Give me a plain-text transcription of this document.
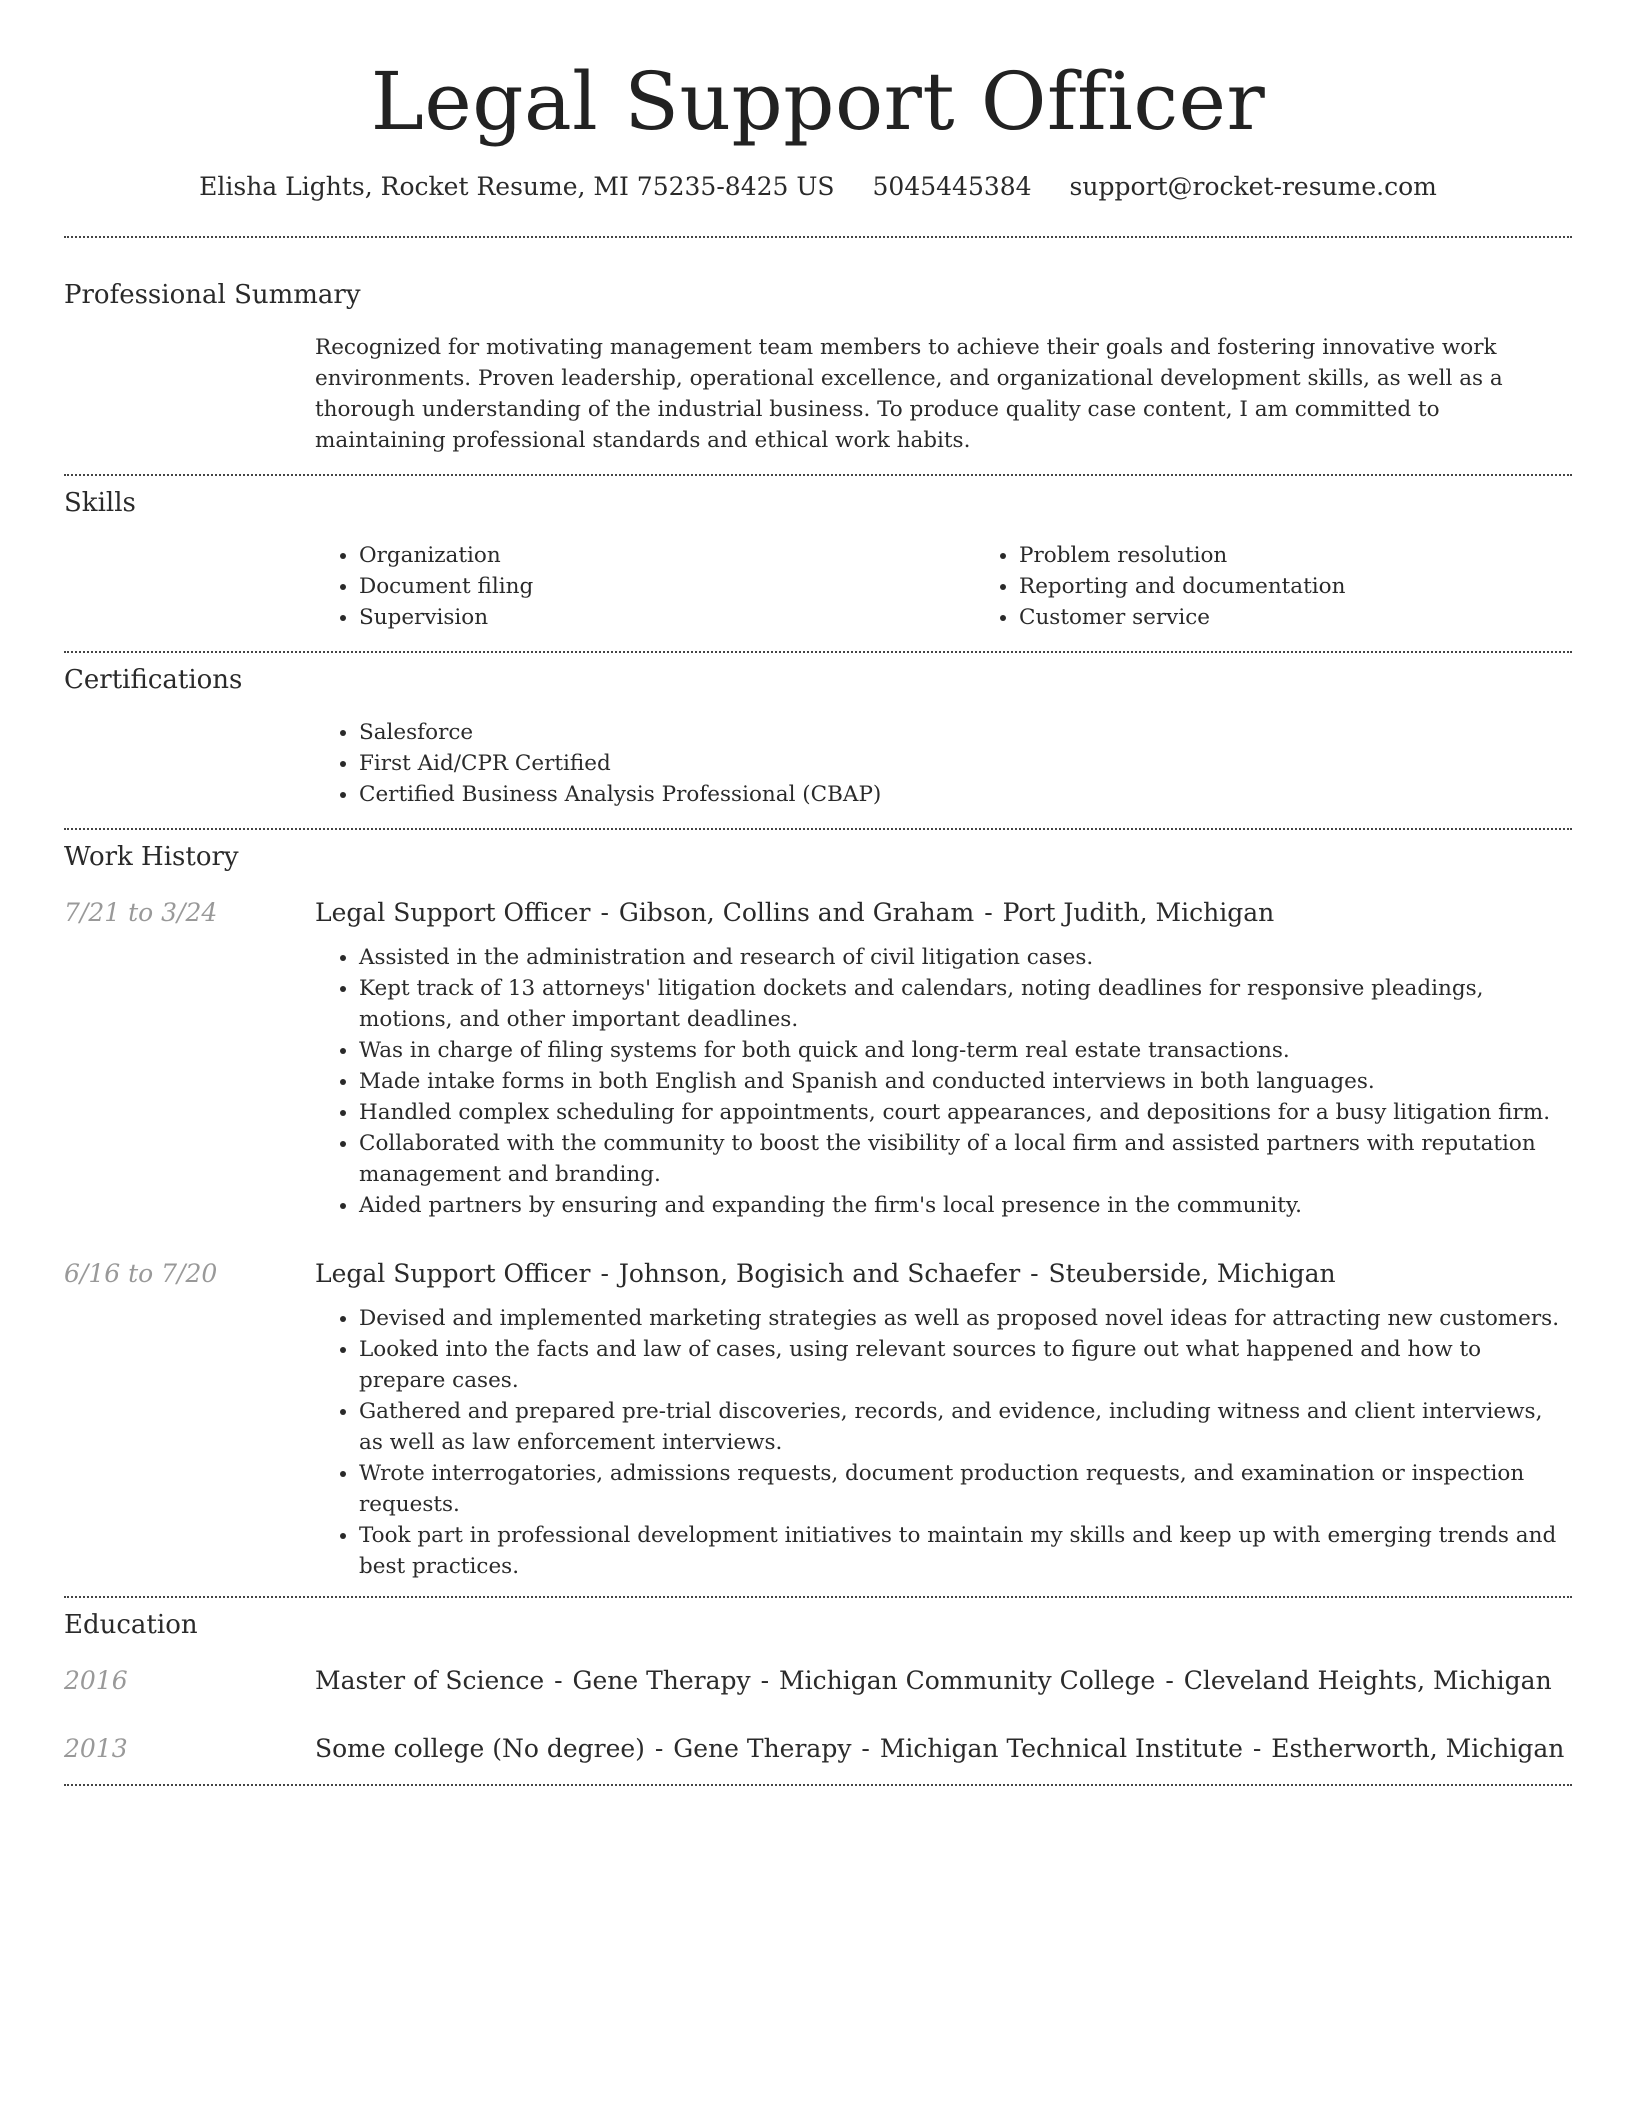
Legal Support Officer
Elisha Lights, Rocket Resume, MI 75235-8425 US 5045445384 support@rocket-resume.com
Professional Summary

Recognized for motivating management team members to achieve their goals and fostering innovative work environments. Proven leadership, operational excellence, and organizational development skills, as well as a thorough understanding of the industrial business. To produce quality case content, I am committed to maintaining professional standards and ethical work habits.

Skills
• Organization
• Document filing
• Supervision
• Problem resolution
• Reporting and documentation
• Customer service
Certifications
• Salesforce
• First Aid/CPR Certified
• Certified Business Analysis Professional (CBAP)
Work History
7/21 to 3/24	Legal Support Officer - Gibson, Collins and Graham - Port Judith, Michigan
• Assisted in the administration and research of civil litigation cases.
• Kept track of 13 attorneys' litigation dockets and calendars, noting deadlines for responsive pleadings, motions, and other important deadlines.
• Was in charge of filing systems for both quick and long-term real estate transactions.
• Made intake forms in both English and Spanish and conducted interviews in both languages.
• Handled complex scheduling for appointments, court appearances, and depositions for a busy litigation firm.
• Collaborated with the community to boost the visibility of a local firm and assisted partners with reputation management and branding.
• Aided partners by ensuring and expanding the firm's local presence in the community.
6/16 to 7/20	Legal Support Officer - Johnson, Bogisich and Schaefer - Steuberside, Michigan
• Devised and implemented marketing strategies as well as proposed novel ideas for attracting new customers.
• Looked into the facts and law of cases, using relevant sources to figure out what happened and how to prepare cases.
• Gathered and prepared pre-trial discoveries, records, and evidence, including witness and client interviews, as well as law enforcement interviews.
• Wrote interrogatories, admissions requests, document production requests, and examination or inspection requests.
• Took part in professional development initiatives to maintain my skills and keep up with emerging trends and best practices.
Education
2016	Master of Science - Gene Therapy - Michigan Community College - Cleveland Heights, Michigan
2013	Some college (No degree) - Gene Therapy - Michigan Technical Institute - Estherworth, Michigan
